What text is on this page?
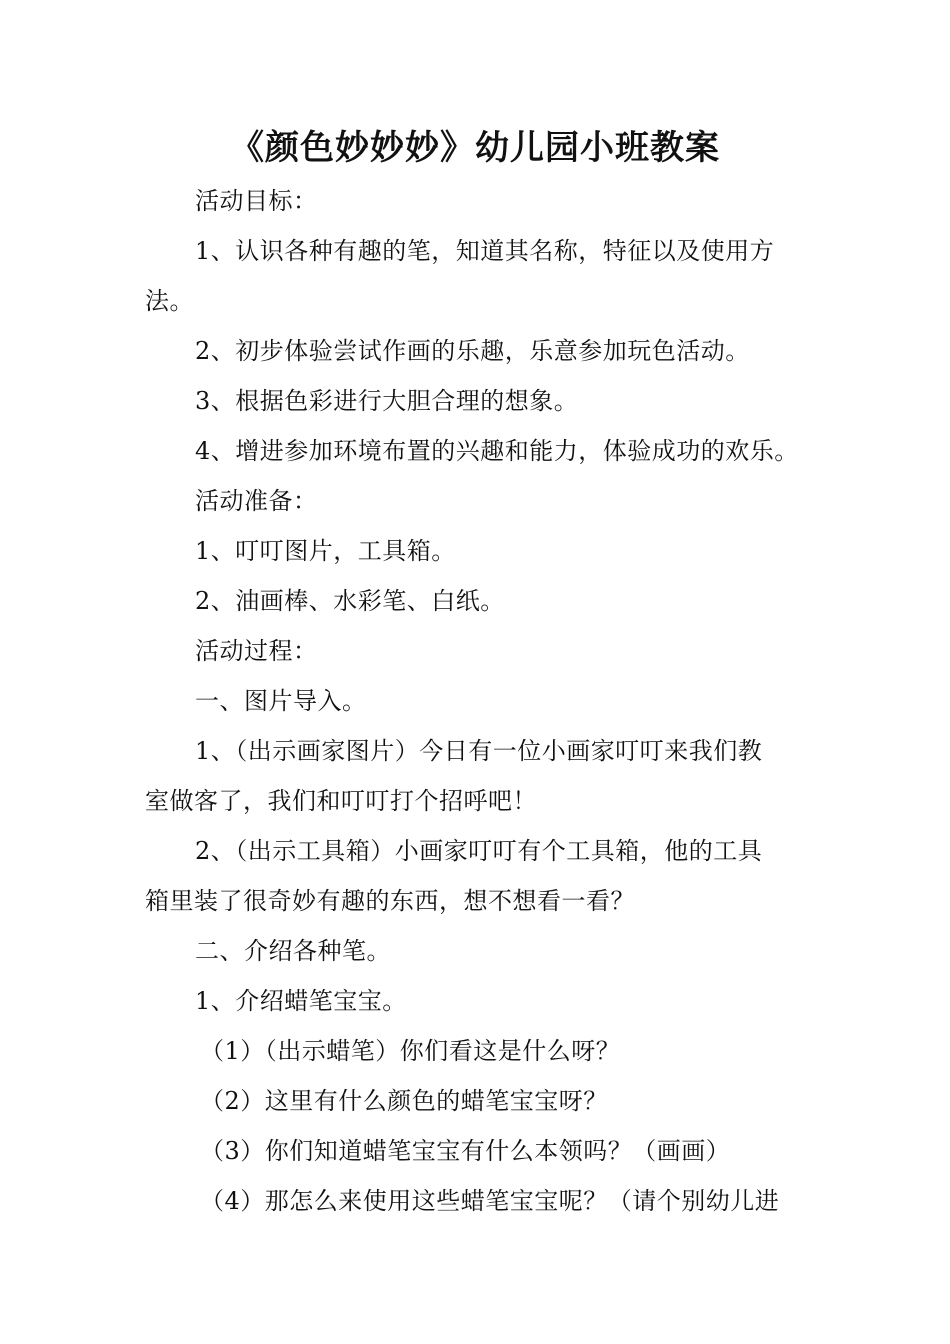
《颜色妙妙妙》幼儿园小班教案

活动目标：

1、认识各种有趣的笔，知道其名称，特征以及使用方

法。

2、初步体验尝试作画的乐趣，乐意参加玩色活动。

3、根据色彩进行大胆合理的想象。

4、增进参加环境布置的兴趣和能力，体验成功的欢乐。

活动准备：

1、叮叮图片，工具箱。

2、油画棒、水彩笔、白纸。

活动过程：

一、图片导入。

1、（出示画家图片）今日有一位小画家叮叮来我们教

室做客了，我们和叮叮打个招呼吧！

2、（出示工具箱）小画家叮叮有个工具箱，他的工具

箱里装了很奇妙有趣的东西，想不想看一看？

二、介绍各种笔。

1、介绍蜡笔宝宝。

（1）（出示蜡笔）你们看这是什么呀？

（2）这里有什么颜色的蜡笔宝宝呀？

（3）你们知道蜡笔宝宝有什么本领吗？（画画）

（4）那怎么来使用这些蜡笔宝宝呢？（请个别幼儿进
